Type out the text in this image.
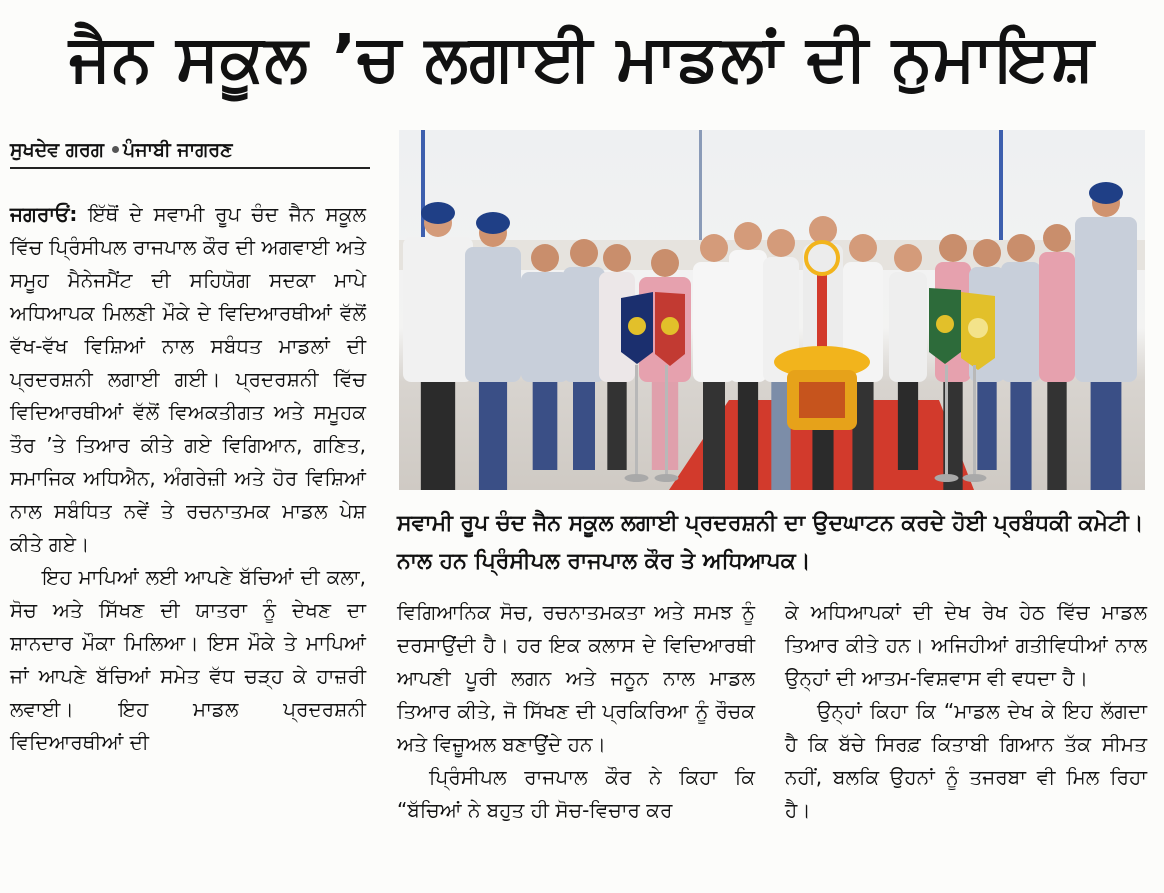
ਜੈਨ ਸਕੂਲ ’ਚ ਲਗਾਈ ਮਾਡਲਾਂ ਦੀ ਨੁਮਾਇਸ਼
ਸੁਖਦੇਵ ਗਰਗ ਪੰਜਾਬੀ ਜਾਗਰਣ

ਜਗਰਾਓਂ: ਇੱਥੋਂ ਦੇ ਸਵਾਮੀ ਰੂਪ ਚੰਦ ਜੈਨ ਸਕੂਲ ਵਿੱਚ ਪ੍ਰਿੰਸੀਪਲ ਰਾਜਪਾਲ ਕੌਰ ਦੀ ਅਗਵਾਈ ਅਤੇ ਸਮੂਹ ਮੈਨੇਜਮੈਂਟ ਦੀ ਸਹਿਯੋਗ ਸਦਕਾ ਮਾਪੇ ਅਧਿਆਪਕ ਮਿਲਣੀ ਮੌਕੇ ਦੇ ਵਿਦਿਆਰਥੀਆਂ ਵੱਲੋਂ ਵੱਖ-ਵੱਖ ਵਿਸ਼ਿਆਂ ਨਾਲ ਸਬੰਧਤ ਮਾਡਲਾਂ ਦੀ ਪ੍ਰਦਰਸ਼ਨੀ ਲਗਾਈ ਗਈ। ਪ੍ਰਦਰਸ਼ਨੀ ਵਿੱਚ ਵਿਦਿਆਰਥੀਆਂ ਵੱਲੋਂ ਵਿਅਕਤੀਗਤ ਅਤੇ ਸਮੂਹਕ ਤੌਰ ’ਤੇ ਤਿਆਰ ਕੀਤੇ ਗਏ ਵਿਗਿਆਨ, ਗਣਿਤ, ਸਮਾਜਿਕ ਅਧਿਐਨ, ਅੰਗਰੇਜ਼ੀ ਅਤੇ ਹੋਰ ਵਿਸ਼ਿਆਂ ਨਾਲ ਸਬੰਧਿਤ ਨਵੇਂ ਤੇ ਰਚਨਾਤਮਕ ਮਾਡਲ ਪੇਸ਼ ਕੀਤੇ ਗਏ।

ਇਹ ਮਾਪਿਆਂ ਲਈ ਆਪਣੇ ਬੱਚਿਆਂ ਦੀ ਕਲਾ, ਸੋਚ ਅਤੇ ਸਿੱਖਣ ਦੀ ਯਾਤਰਾ ਨੂੰ ਦੇਖਣ ਦਾ ਸ਼ਾਨਦਾਰ ਮੌਕਾ ਮਿਲਿਆ। ਇਸ ਮੌਕੇ ਤੇ ਮਾਪਿਆਂ ਜਾਂ ਆਪਣੇ ਬੱਚਿਆਂ ਸਮੇਤ ਵੱਧ ਚੜ੍ਹ ਕੇ ਹਾਜ਼ਰੀ ਲਵਾਈ। ਇਹ ਮਾਡਲ ਪ੍ਰਦਰਸ਼ਨੀ ਵਿਦਿਆਰਥੀਆਂ ਦੀ

ਸਵਾਮੀ ਰੂਪ ਚੰਦ ਜੈਨ ਸਕੂਲ ਲਗਾਈ ਪ੍ਰਦਰਸ਼ਨੀ ਦਾ ਉਦਘਾਟਨ ਕਰਦੇ ਹੋਈ ਪ੍ਰਬੰਧਕੀ ਕਮੇਟੀ। ਨਾਲ ਹਨ ਪ੍ਰਿੰਸੀਪਲ ਰਾਜਪਾਲ ਕੌਰ ਤੇ ਅਧਿਆਪਕ।

ਵਿਗਿਆਨਿਕ ਸੋਚ, ਰਚਨਾਤਮਕਤਾ ਅਤੇ ਸਮਝ ਨੂੰ ਦਰਸਾਉਂਦੀ ਹੈ। ਹਰ ਇਕ ਕਲਾਸ ਦੇ ਵਿਦਿਆਰਥੀ ਆਪਣੀ ਪੂਰੀ ਲਗਨ ਅਤੇ ਜਨੂਨ ਨਾਲ ਮਾਡਲ ਤਿਆਰ ਕੀਤੇ, ਜੋ ਸਿੱਖਣ ਦੀ ਪ੍ਰਕਿਰਿਆ ਨੂੰ ਰੌਚਕ ਅਤੇ ਵਿਜ਼ੂਅਲ ਬਣਾਉਂਦੇ ਹਨ।

ਪ੍ਰਿੰਸੀਪਲ ਰਾਜਪਾਲ ਕੌਰ ਨੇ ਕਿਹਾ ਕਿ “ਬੱਚਿਆਂ ਨੇ ਬਹੁਤ ਹੀ ਸੋਚ-ਵਿਚਾਰ ਕਰ

ਕੇ ਅਧਿਆਪਕਾਂ ਦੀ ਦੇਖ ਰੇਖ ਹੇਠ ਵਿੱਚ ਮਾਡਲ ਤਿਆਰ ਕੀਤੇ ਹਨ। ਅਜਿਹੀਆਂ ਗਤੀਵਿਧੀਆਂ ਨਾਲ ਉਨ੍ਹਾਂ ਦੀ ਆਤਮ-ਵਿਸ਼ਵਾਸ ਵੀ ਵਧਦਾ ਹੈ।

ਉਨ੍ਹਾਂ ਕਿਹਾ ਕਿ “ਮਾਡਲ ਦੇਖ ਕੇ ਇਹ ਲੱਗਦਾ ਹੈ ਕਿ ਬੱਚੇ ਸਿਰਫ਼ ਕਿਤਾਬੀ ਗਿਆਨ ਤੱਕ ਸੀਮਤ ਨਹੀਂ, ਬਲਕਿ ਉਹਨਾਂ ਨੂੰ ਤਜਰਬਾ ਵੀ ਮਿਲ ਰਿਹਾ ਹੈ।
